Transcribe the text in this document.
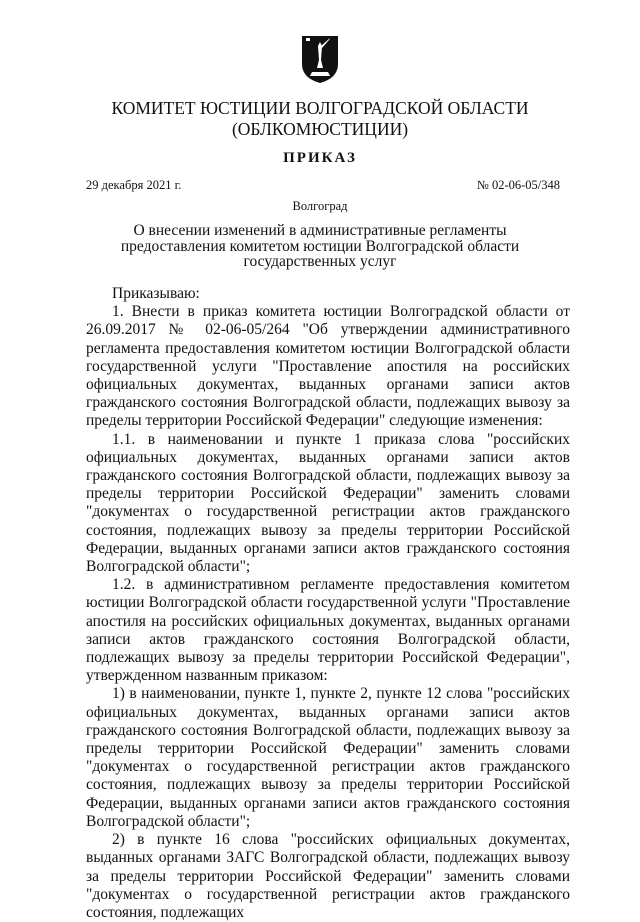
КОМИТЕТ ЮСТИЦИИ ВОЛГОГРАДСКОЙ ОБЛАСТИ
(ОБЛКОМЮСТИЦИИ)
ПРИКАЗ
29 декабря 2021 г.	№ 02-06-05/348
Волгоград
О внесении изменений в административные регламенты
предоставления комитетом юстиции Волгоградской области
государственных услуг

Приказываю:

1. Внести в приказ комитета юстиции Волгоградской области от 26.09.2017 № 02-06-05/264 "Об утверждении административного регламента предоставления комитетом юстиции Волгоградской области государственной услуги "Проставление апостиля на российских официальных документах, выданных органами записи актов гражданского состояния Волгоградской области, подлежащих вывозу за пределы территории Российской Федерации" следующие изменения:

1.1. в наименовании и пункте 1 приказа слова "российских официальных документах, выданных органами записи актов гражданского состояния Волгоградской области, подлежащих вывозу за пределы территории Российской Федерации" заменить словами "документах о государственной регистрации актов гражданского состояния, подлежащих вывозу за пределы территории Российской Федерации, выданных органами записи актов гражданского состояния Волгоградской области";

1.2. в административном регламенте предоставления комитетом юстиции Волгоградской области государственной услуги "Проставление апостиля на российских официальных документах, выданных органами записи актов гражданского состояния Волгоградской области, подлежащих вывозу за пределы территории Российской Федерации", утвержденном названным приказом:

1) в наименовании, пункте 1, пункте 2, пункте 12 слова "российских официальных документах, выданных органами записи актов гражданского состояния Волгоградской области, подлежащих вывозу за пределы территории Российской Федерации" заменить словами "документах о государственной регистрации актов гражданского состояния, подлежащих вывозу за пределы территории Российской Федерации, выданных органами записи актов гражданского состояния Волгоградской области";

2) в пункте 16 слова "российских официальных документах, выданных органами ЗАГС Волгоградской области, подлежащих вывозу за пределы территории Российской Федерации" заменить словами "документах о государственной регистрации актов гражданского состояния, подлежащих
